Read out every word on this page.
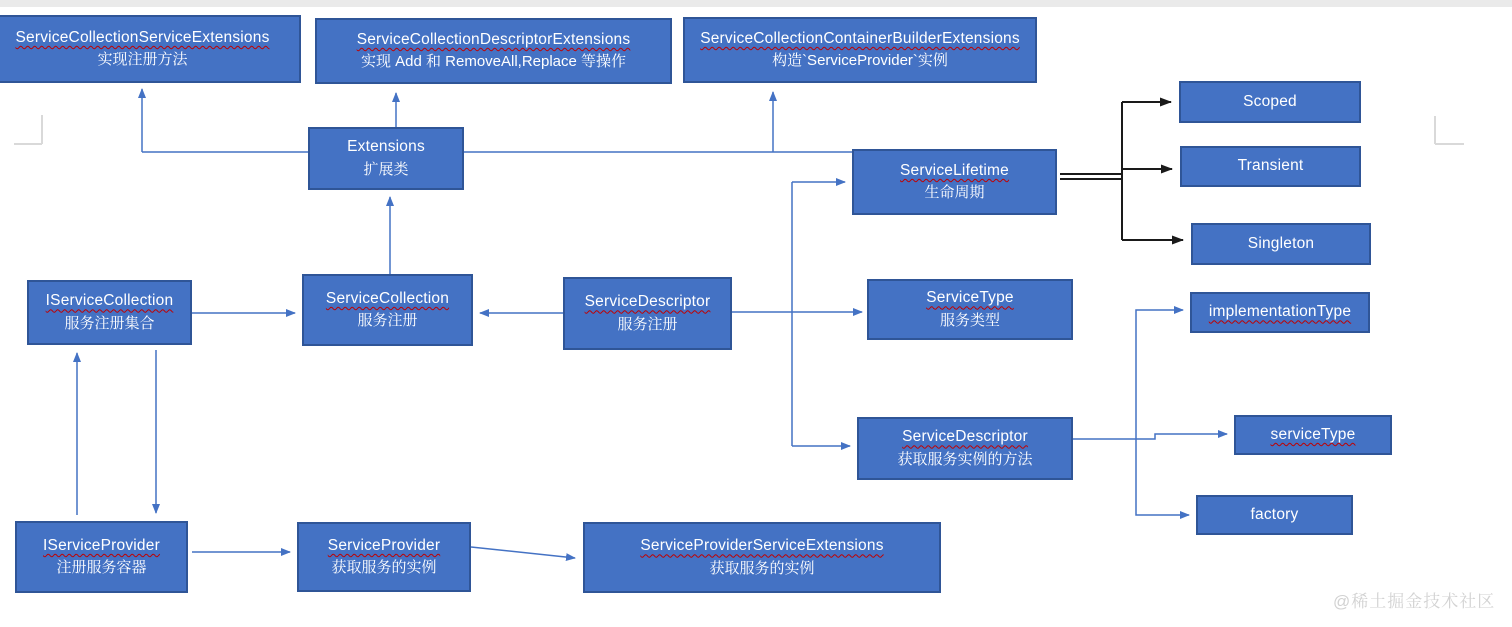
ServiceCollectionServiceExtensions
实现注册方法
ServiceCollectionDescriptorExtensions
实现 Add 和 RemoveAll,Replace 等操作
ServiceCollectionContainerBuilderExtensions
构造`ServiceProvider`实例
Extensions
扩展类	ServiceLifetime
生命周期
Scoped
Transient
Singleton
IServiceCollection
服务注册集合
ServiceCollection
服务注册
ServiceDescriptor
服务注册
ServiceType
服务类型
implementationType
ServiceDescriptor
获取服务实例的方法
serviceType
factory
IServiceProvider
注册服务容器
ServiceProvider
获取服务的实例
ServiceProviderServiceExtensions
获取服务的实例
@稀土掘金技术社区
